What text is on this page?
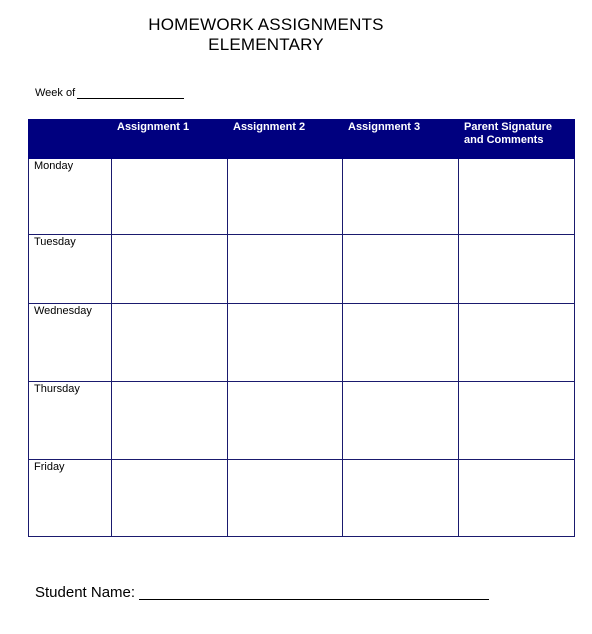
HOMEWORK ASSIGNMENTS
ELEMENTARY
Week of
	Assignment 1	Assignment 2	Assignment 3	Parent Signature and Comments
Monday				
Tuesday				
Wednesday				
Thursday				
Friday				
Student Name:
